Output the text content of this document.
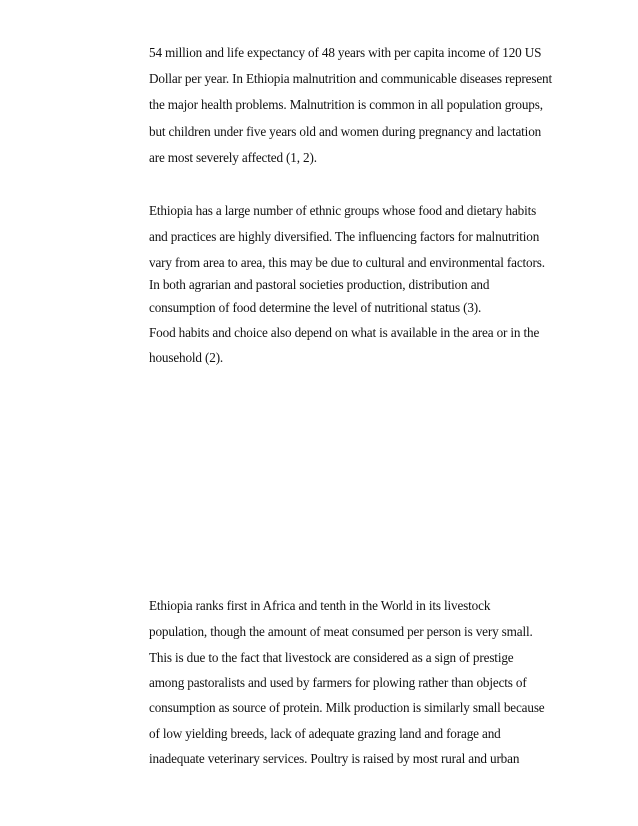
54 million and life expectancy of 48 years with per capita income of 120 US

Dollar per year. In Ethiopia malnutrition and communicable diseases represent

the major health problems. Malnutrition is common in all population groups,

but children under five years old and women during pregnancy and lactation

are most severely affected (1, 2).

Ethiopia has a large number of ethnic groups whose food and dietary habits

and practices are highly diversified. The influencing factors for malnutrition

vary from area to area, this may be due to cultural and environmental factors.

In both agrarian and pastoral societies production, distribution and

consumption of food determine the level of nutritional status (3).

Food habits and choice also depend on what is available in the area or in the

household (2).

Ethiopia ranks first in Africa and tenth in the World in its livestock

population, though the amount of meat consumed per person is very small.

This is due to the fact that livestock are considered as a sign of prestige

among pastoralists and used by farmers for plowing rather than objects of

consumption as source of protein. Milk production is similarly small because

of low yielding breeds, lack of adequate grazing land and forage and

inadequate veterinary services. Poultry is raised by most rural and urban
